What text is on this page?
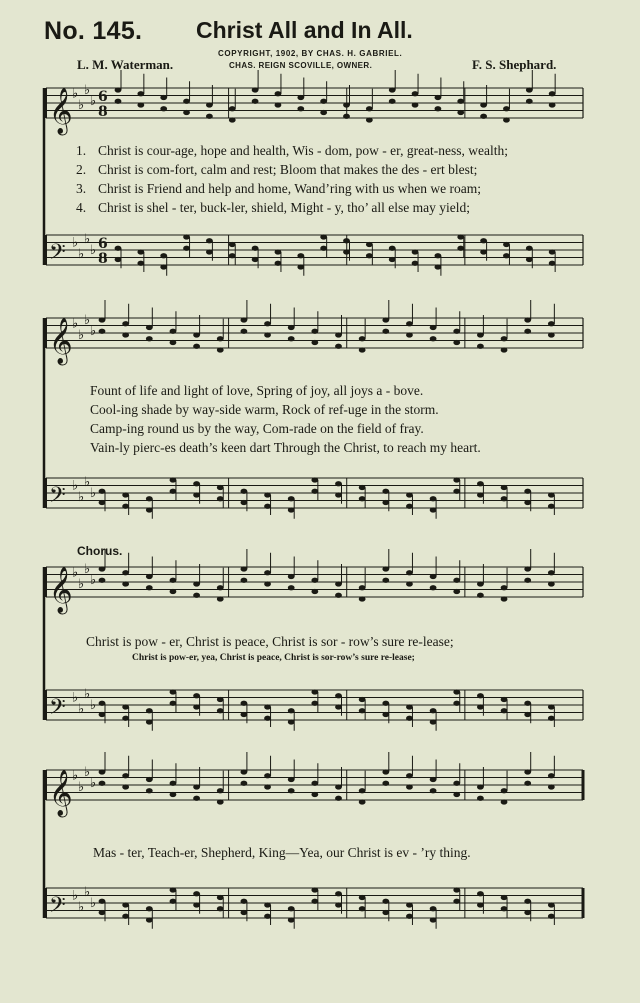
No. 145. Christ All and In All.
COPYRIGHT, 1902, BY CHAS. H. GABRIEL.
CHAS. REIGN SCOVILLE, OWNER.
L. M. Waterman.	F. S. Shephard.
𝄞 ♭
♭
♭
♭ 6
8
𝄢 ♭
♭
♭
♭ 6
8
𝄞 ♭
♭
♭
♭
𝄢 ♭
♭
♭
♭
𝄞 ♭
♭
♭
♭
𝄢 ♭
♭
♭
♭
𝄞 ♭
♭
♭
♭
𝄢 ♭
♭
♭
♭
1. Christ is cour-age, hope and health, Wis - dom, pow - er, great-ness, wealth;
2. Christ is com-fort, calm and rest; Bloom that makes the des - ert blest;
3. Christ is Friend and help and home, Wand’ring with us when we roam;
4. Christ is shel - ter, buck-ler, shield, Might - y, tho’ all else may yield;
Fount of life and light of love, Spring of joy, all joys a - bove.
Cool-ing shade by way-side warm, Rock of ref-uge in the storm.
Camp-ing round us by the way, Com-rade on the field of fray.
Vain-ly pierc-es death’s keen dart Through the Christ, to reach my heart.
Chorus.
Christ is pow - er, Christ is peace, Christ is sor - row’s sure re-lease;
Christ is pow-er, yea, Christ is peace, Christ is sor-row’s sure re-lease;
Mas - ter, Teach-er, Shepherd, King—Yea, our Christ is ev - ’ry thing.
